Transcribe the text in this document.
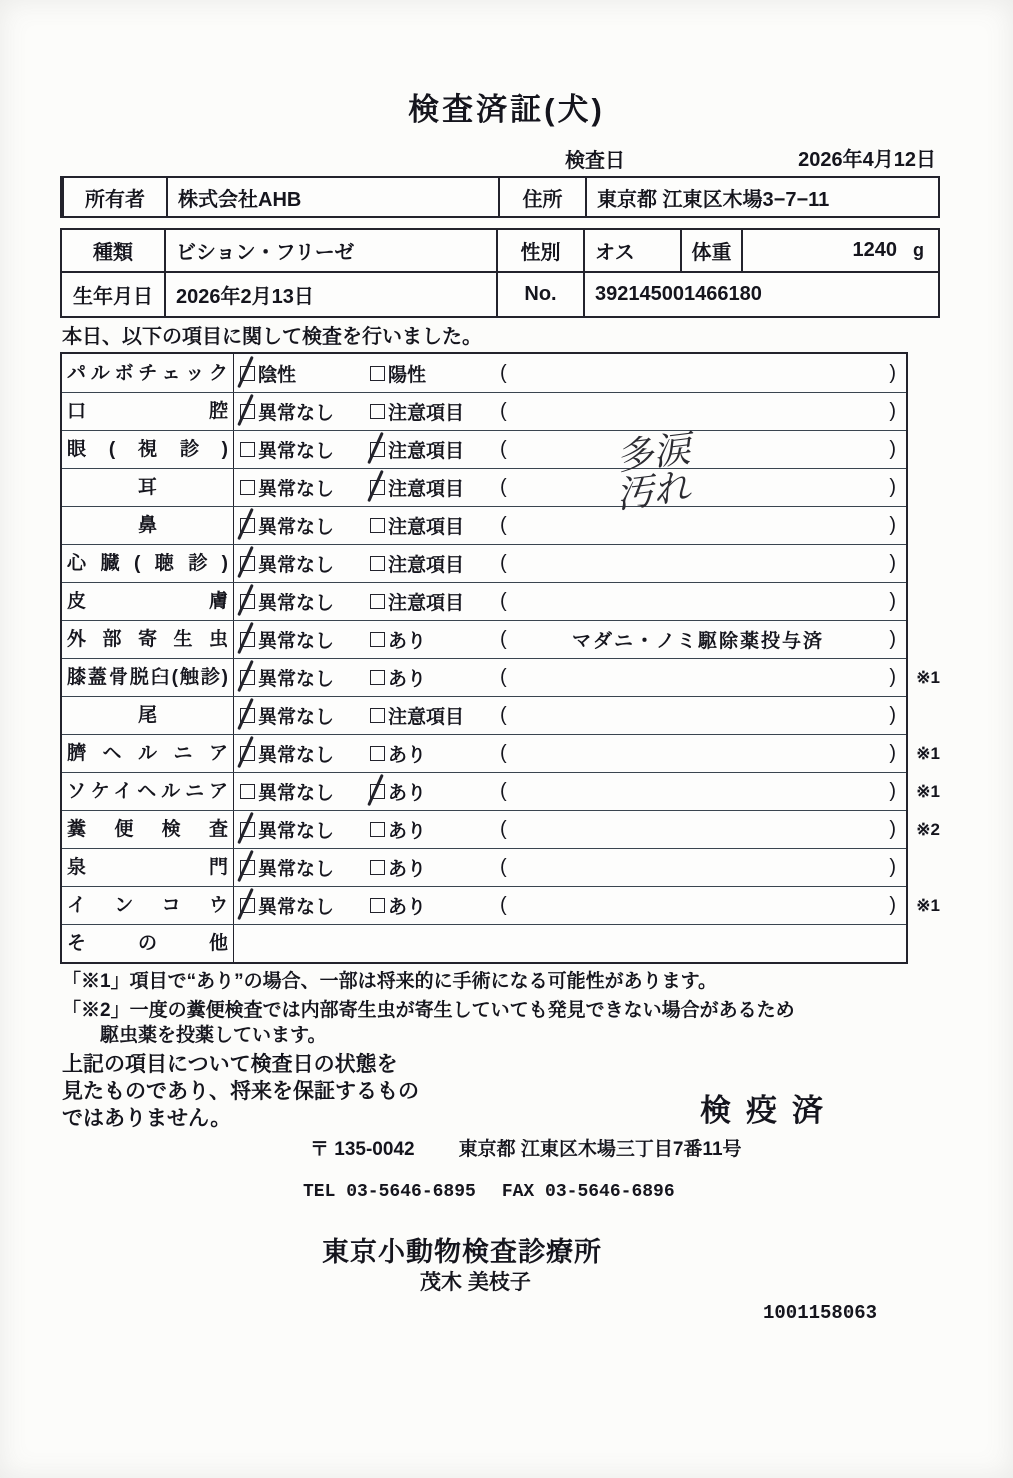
検査済証(犬)
検査日	2026年4月12日
所有者	株式会社AHB	住所	東京都 江東区木場3−7−11
種類	ビション・フリーゼ	性別	オス	体重	1240 g
生年月日	2026年2月13日	No.	392145001466180
本日、以下の項目に関して検査を行いました。
パルボチェック 陰性	陽性	(	)
口腔 異常なし	注意項目 (	)
眼(視診) 異常なし	注意項目 (	多涙	)
耳	異常なし	注意項目 (	汚れ	)
鼻	異常なし	注意項目 (	)
心臓(聴診) 異常なし	注意項目 (	)
皮膚 異常なし	注意項目 (	)
外部寄生虫 異常なし	あり	(	マダニ・ノミ駆除薬投与済	)
膝蓋骨脱臼(触診) 異常なし	あり	(	) ※1
尾	異常なし	注意項目 (	)
臍ヘルニア 異常なし	あり	(	) ※1
ソケイヘルニア 異常なし	あり	(	) ※1
糞便検査 異常なし	あり	(	) ※2
泉門 異常なし	あり	(	)
インコウ 異常なし	あり	(	) ※1
その他
「※1」項目で“あり”の場合、一部は将来的に手術になる可能性があります。
「※2」一度の糞便検査では内部寄生虫が寄生していても発見できない場合があるため
駆虫薬を投薬しています。
上記の項目について検査日の状態を
見たものであり、将来を保証するもの
ではありません。	検疫済
〒 135-0042 東京都 江東区木場三丁目7番11号
TEL 03-5646-6895 FAX 03-5646-6896
東京小動物検査診療所
茂木 美枝子
1001158063
